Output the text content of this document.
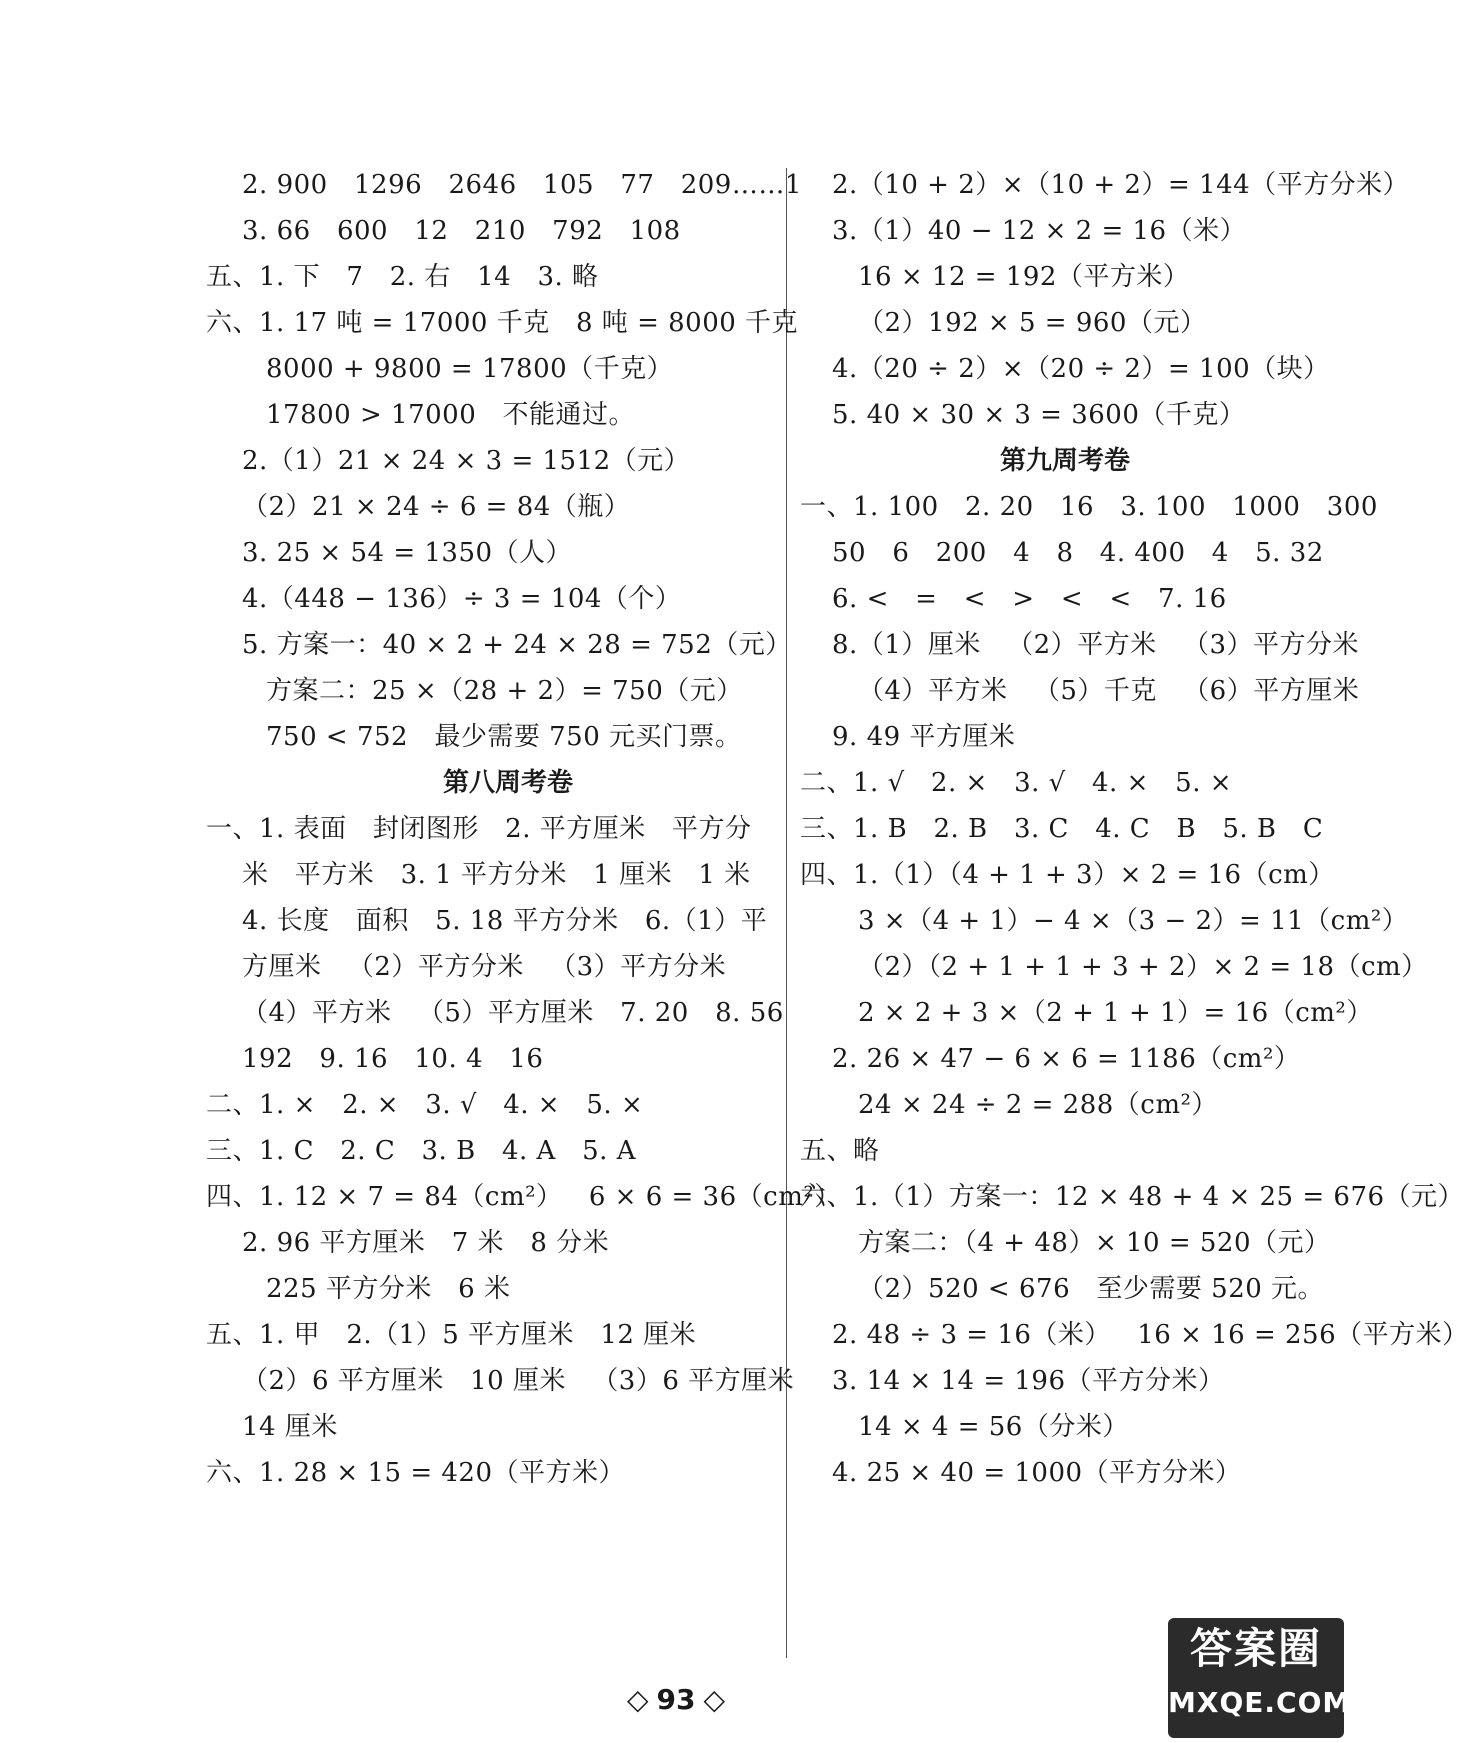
2. 900   1296   2646   105   77   209……1
3. 66   600   12   210   792   108
五、1. 下   7   2. 右   14   3. 略
六、1. 17 吨 = 17000 千克   8 吨 = 8000 千克
8000 + 9800 = 17800（千克）
17800 > 17000   不能通过。
2.（1）21 × 24 × 3 = 1512（元）
（2）21 × 24 ÷ 6 = 84（瓶）
3. 25 × 54 = 1350（人）
4.（448 − 136）÷ 3 = 104（个）
5. 方案一：40 × 2 + 24 × 28 = 752（元）
方案二：25 ×（28 + 2）= 750（元）
750 < 752   最少需要 750 元买门票。
第八周考卷
一、1. 表面   封闭图形   2. 平方厘米   平方分
米   平方米   3. 1 平方分米   1 厘米   1 米
4. 长度   面积   5. 18 平方分米   6.（1）平
方厘米   （2）平方分米   （3）平方分米
（4）平方米   （5）平方厘米   7. 20   8. 56
192   9. 16   10. 4   16
二、1. ×   2. ×   3. √   4. ×   5. ×
三、1. C   2. C   3. B   4. A   5. A
四、1. 12 × 7 = 84（cm²）   6 × 6 = 36（cm²）
2. 96 平方厘米   7 米   8 分米
225 平方分米   6 米
五、1. 甲   2.（1）5 平方厘米   12 厘米
（2）6 平方厘米   10 厘米   （3）6 平方厘米
14 厘米
六、1. 28 × 15 = 420（平方米）
2.（10 + 2）×（10 + 2）= 144（平方分米）
3.（1）40 − 12 × 2 = 16（米）
16 × 12 = 192（平方米）
（2）192 × 5 = 960（元）
4.（20 ÷ 2）×（20 ÷ 2）= 100（块）
5. 40 × 30 × 3 = 3600（千克）
第九周考卷
一、1. 100   2. 20   16   3. 100   1000   300
50   6   200   4   8   4. 400   4   5. 32
6. <   =   <   >   <   <   7. 16
8.（1）厘米   （2）平方米   （3）平方分米
（4）平方米   （5）千克   （6）平方厘米
9. 49 平方厘米
二、1. √   2. ×   3. √   4. ×   5. ×
三、1. B   2. B   3. C   4. C   B   5. B   C
四、1.（1）（4 + 1 + 3）× 2 = 16（cm）
3 ×（4 + 1）− 4 ×（3 − 2）= 11（cm²）
（2）（2 + 1 + 1 + 3 + 2）× 2 = 18（cm）
2 × 2 + 3 ×（2 + 1 + 1）= 16（cm²）
2. 26 × 47 − 6 × 6 = 1186（cm²）
24 × 24 ÷ 2 = 288（cm²）
五、略
六、1.（1）方案一：12 × 48 + 4 × 25 = 676（元）
方案二：（4 + 48）× 10 = 520（元）
（2）520 < 676   至少需要 520 元。
2. 48 ÷ 3 = 16（米）   16 × 16 = 256（平方米）
3. 14 × 14 = 196（平方分米）
14 × 4 = 56（分米）
4. 25 × 40 = 1000（平方分米）
◇ 93 ◇
答案圈
MXQE.COM
